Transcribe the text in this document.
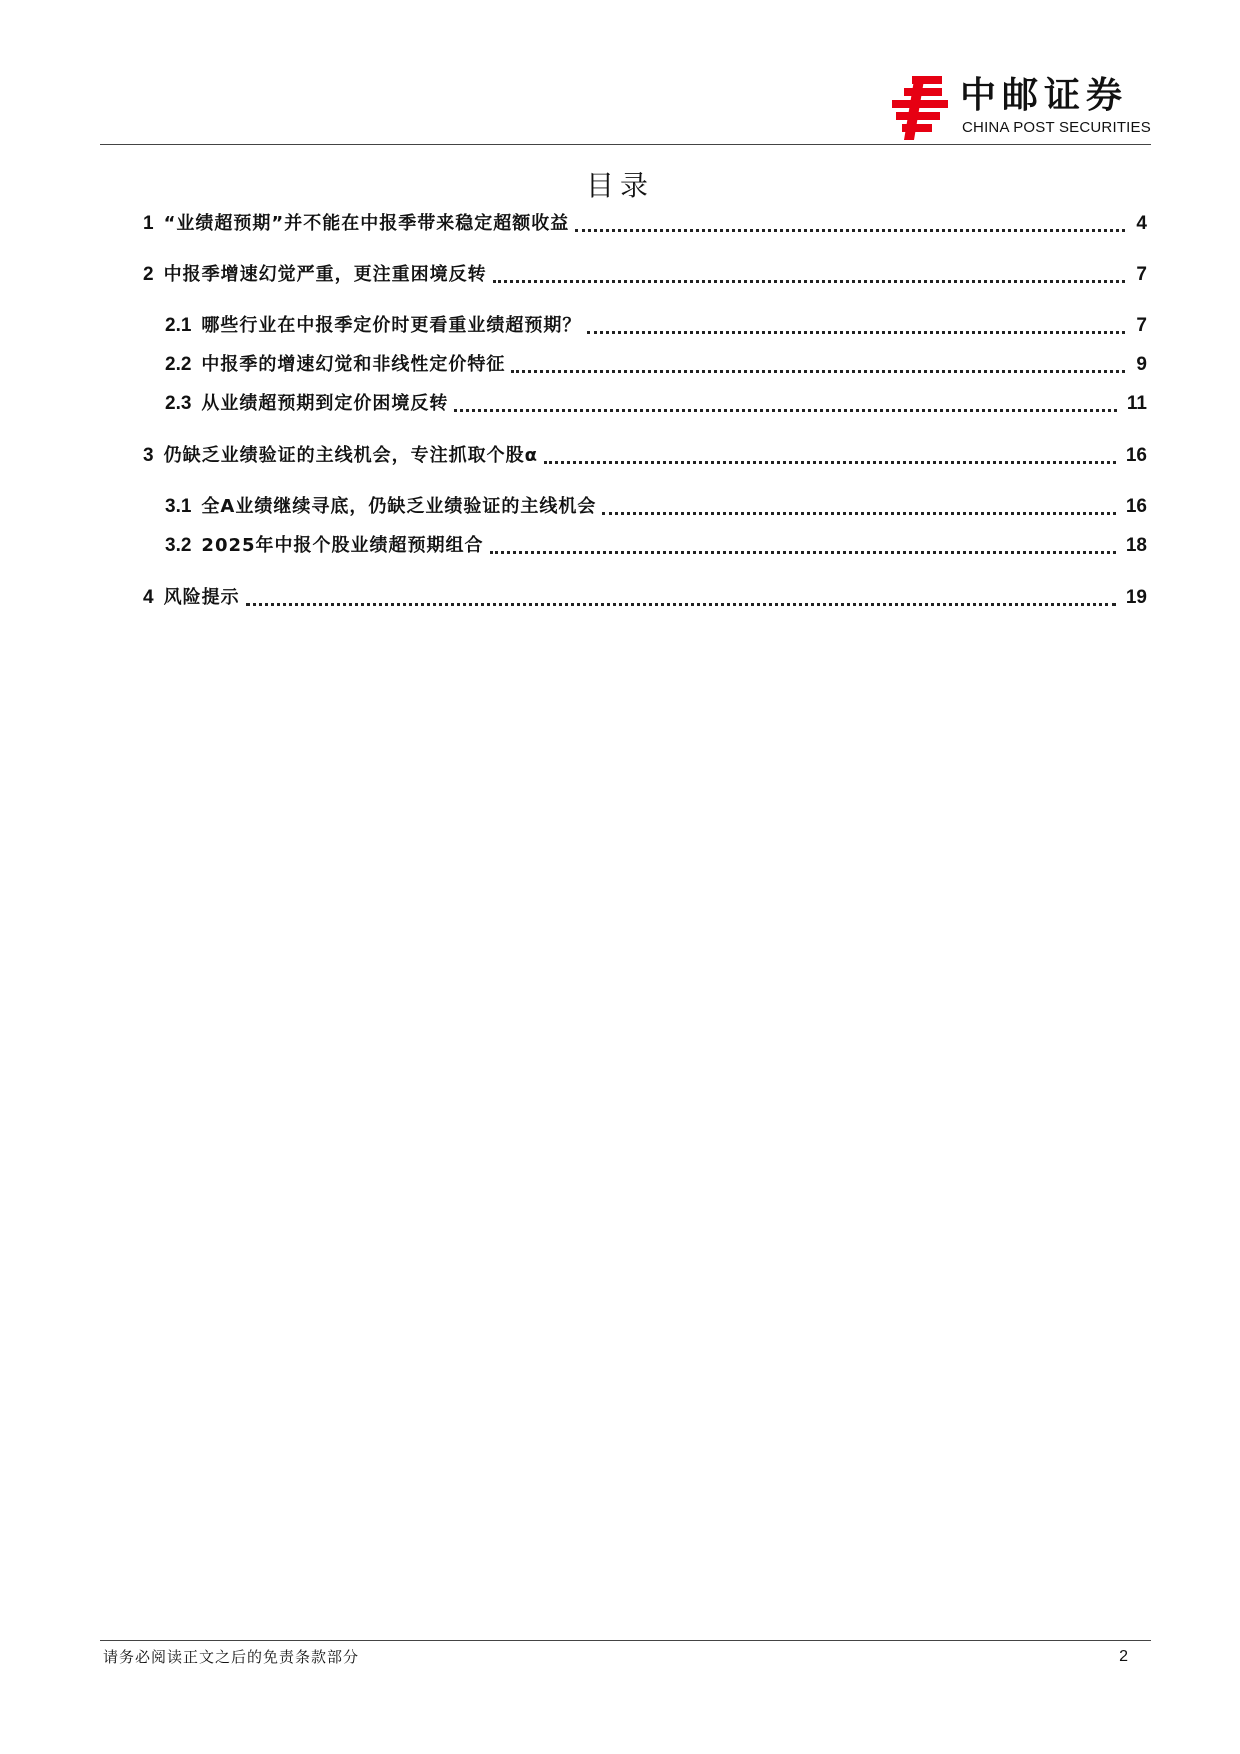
中邮证券
CHINA POST SECURITIES
目录
1 “业绩超预期”并不能在中报季带来稳定超额收益	4
2 中报季增速幻觉严重，更注重困境反转	7
2.1 哪些行业在中报季定价时更看重业绩超预期？	7
2.2 中报季的增速幻觉和非线性定价特征	9
2.3 从业绩超预期到定价困境反转	11
3 仍缺乏业绩验证的主线机会，专注抓取个股α	16
3.1 全A业绩继续寻底，仍缺乏业绩验证的主线机会	16
3.2 2025年中报个股业绩超预期组合	18
4 风险提示	19
请务必阅读正文之后的免责条款部分	2
